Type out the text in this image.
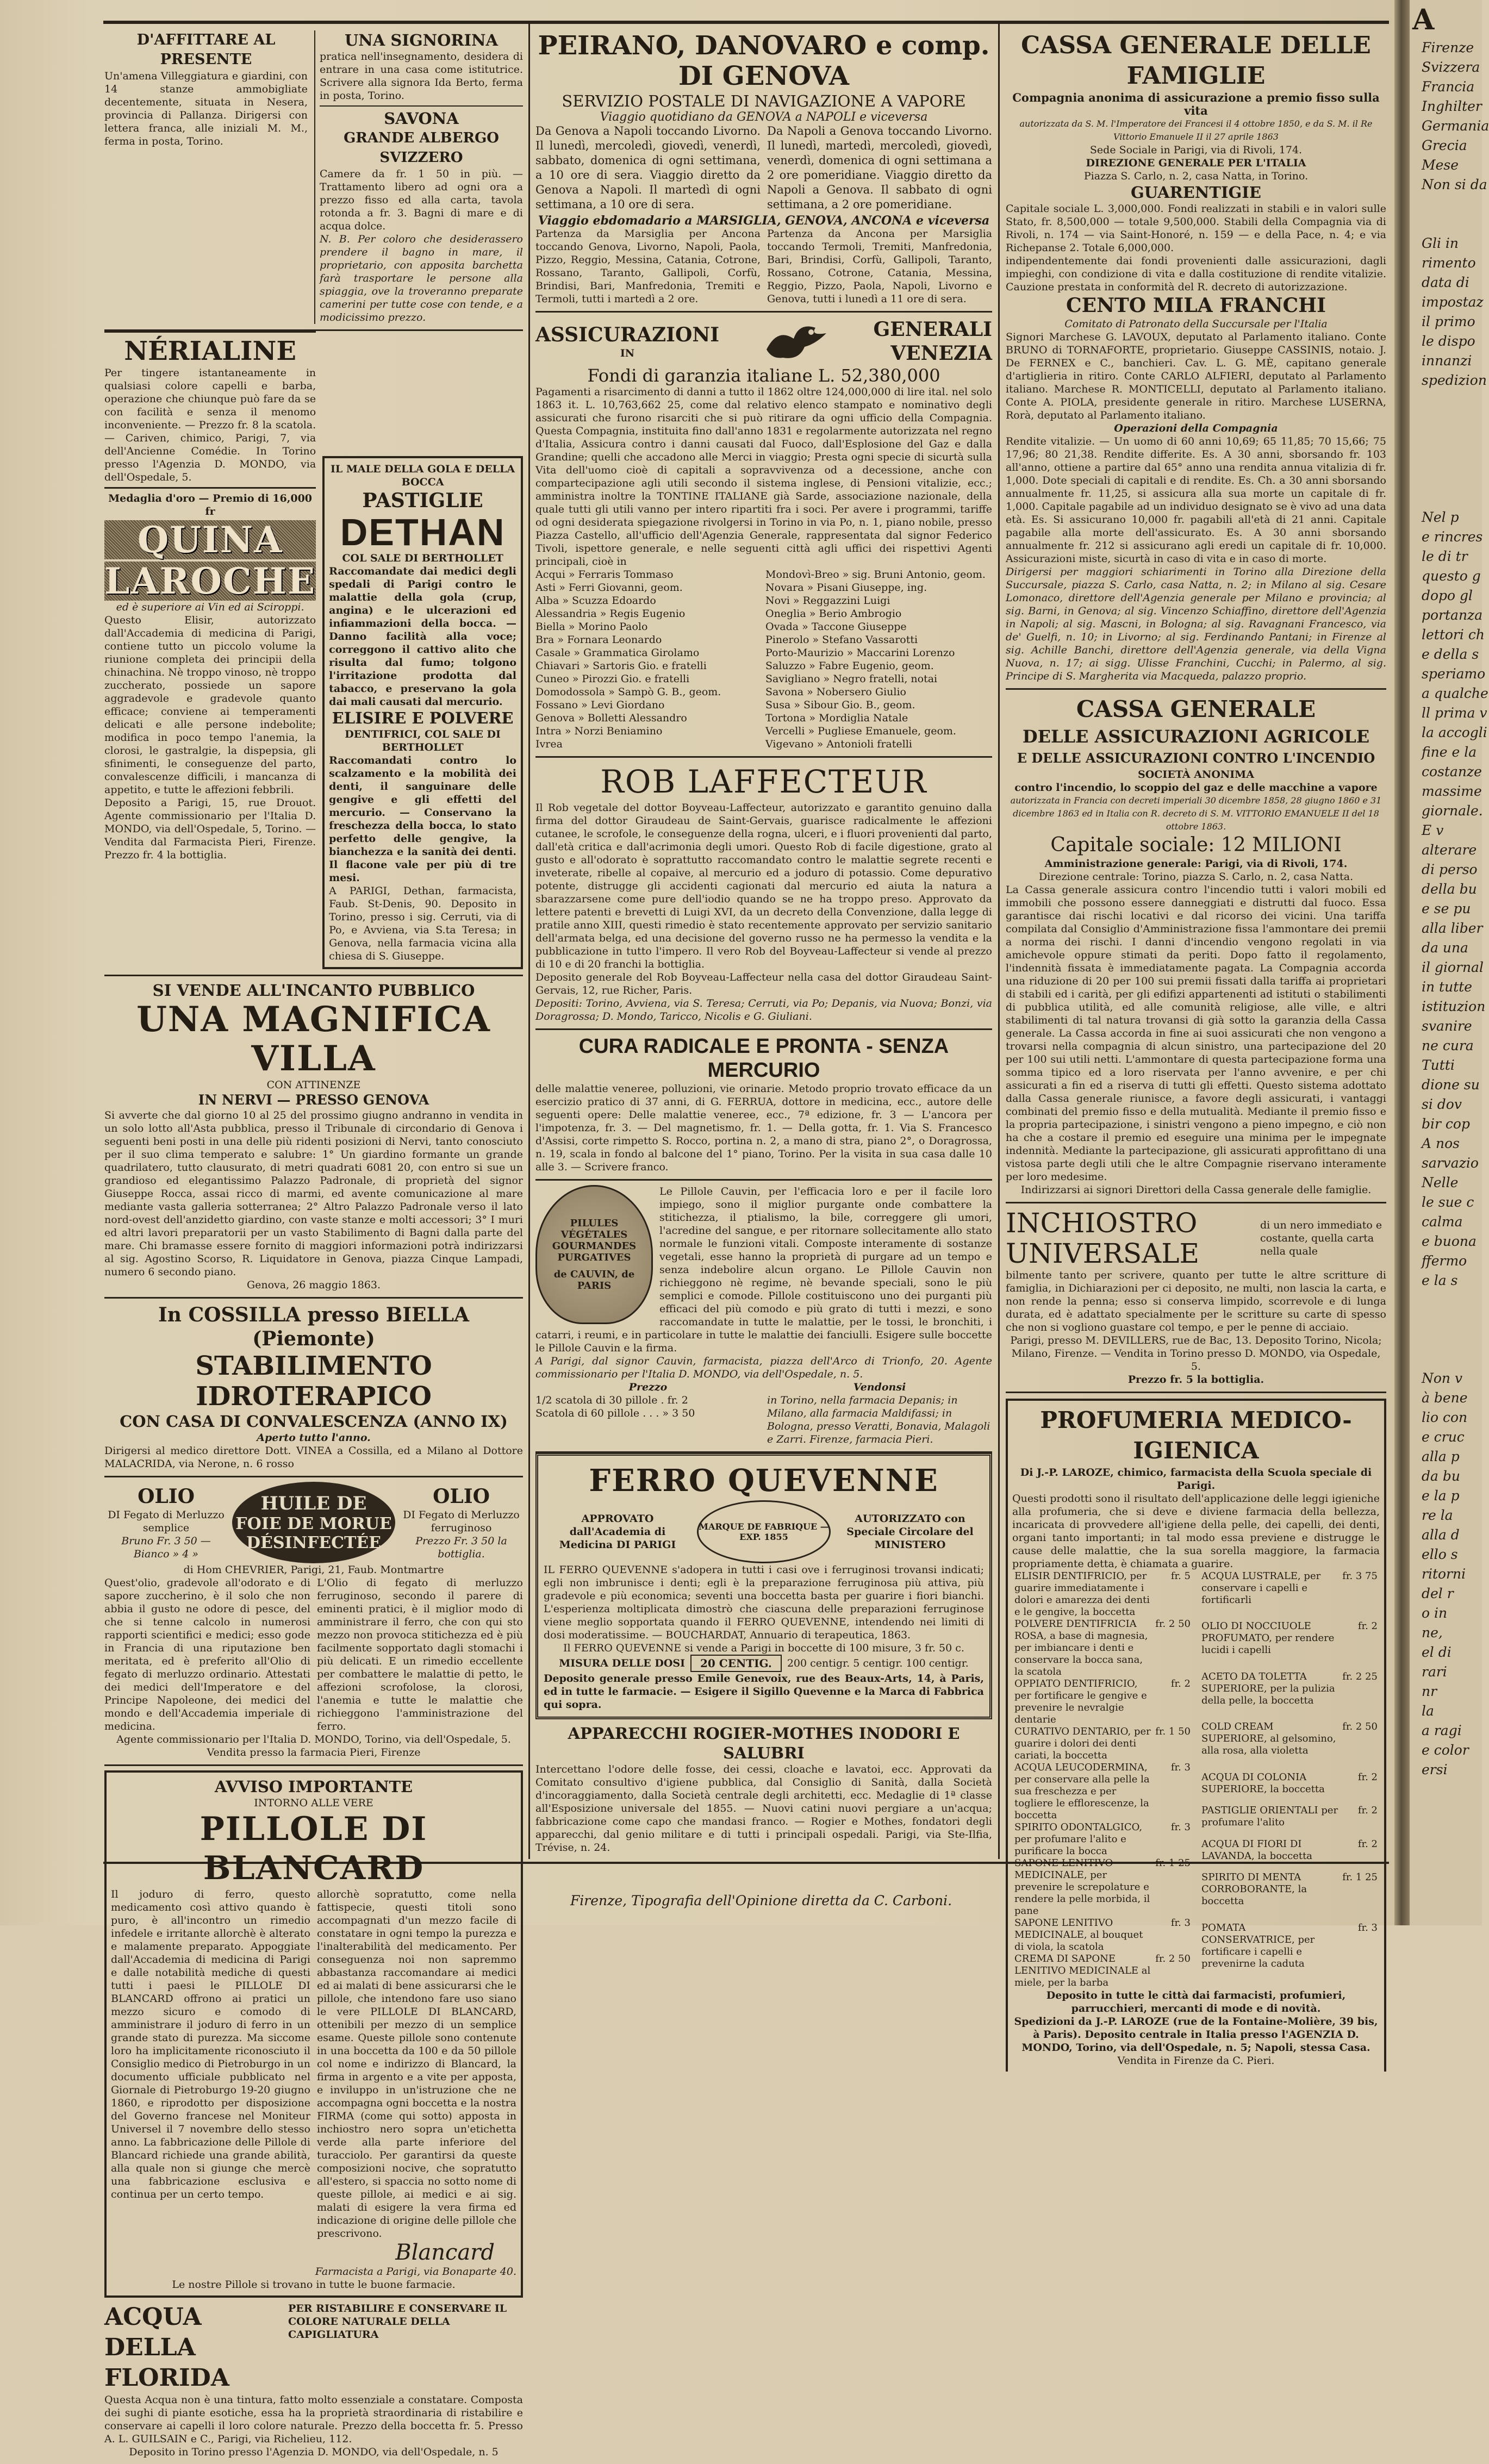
D'AFFITTARE AL PRESENTE
Un'amena Villeggiatura e giardini, con 14 stanze ammobigliate decentemente, situata in Nesera, provincia di Pallanza. Dirigersi con lettera franca, alle iniziali M. M., ferma in posta, Torino.
UNA SIGNORINA
pratica nell'insegnamento, desidera di entrare in una casa come istitutrice. Scrivere alla signora Ida Berto, ferma in posta, Torino.
SAVONA
GRANDE ALBERGO SVIZZERO
Camere da fr. 1 50 in più. — Trattamento libero ad ogni ora a prezzo fisso ed alla carta, tavola rotonda a fr. 3. Bagni di mare e di acqua dolce.
N. B. Per coloro che desiderassero prendere il bagno in mare, il proprietario, con apposita barchetta farà trasportare le persone alla spiaggia, ove la troveranno preparate camerini per tutte cose con tende, e a modicissimo prezzo.
NÉRIALINE
Per tingere istantaneamente in qualsiasi colore capelli e barba, operazione che chiunque può fare da se con facilità e senza il menomo inconveniente. — Prezzo fr. 8 la scatola. — Cariven, chimico, Parigi, 7, via dell'Ancienne Comédie. In Torino presso l'Agenzia D. MONDO, via dell'Ospedale, 5.
Medaglia d'oro — Premio di 16,000 fr
QUINA
LAROCHE
ed è superiore ai Vin ed ai Sciroppi.
Questo Elisir, autorizzato dall'Accademia di medicina di Parigi, contiene tutto un piccolo volume la riunione completa dei principii della chinachina. Nè troppo vinoso, nè troppo zuccherato, possiede un sapore aggradevole e gradevole quanto efficace; conviene ai temperamenti delicati e alle persone indebolite; modifica in poco tempo l'anemia, la clorosi, le gastralgie, la dispepsia, gli sfinimenti, le conseguenze del parto, convalescenze difficili, i mancanza di appetito, e tutte le affezioni febbrili.
Deposito a Parigi, 15, rue Drouot. Agente commissionario per l'Italia D. MONDO, via dell'Ospedale, 5, Torino. — Vendita dal Farmacista Pieri, Firenze. Prezzo fr. 4 la bottiglia.
IL MALE DELLA GOLA E DELLA BOCCA
PASTIGLIE
DETHAN
COL SALE DI BERTHOLLET
Raccomandate dai medici degli spedali di Parigi contro le malattie della gola (crup, angina) e le ulcerazioni ed infiammazioni della bocca. — Danno facilità alla voce; correggono il cattivo alito che risulta dal fumo; tolgono l'irritazione prodotta dal tabacco, e preservano la gola dai mali causati dal mercurio.
ELISIRE E POLVERE
DENTIFRICI, COL SALE DI BERTHOLLET
Raccomandati contro lo scalzamento e la mobilità dei denti, il sanguinare delle gengive e gli effetti del mercurio. — Conservano la freschezza della bocca, lo stato perfetto delle gengive, la bianchezza e la sanità dei denti. Il flacone vale per più di tre mesi.
A PARIGI, Dethan, farmacista, Faub. St-Denis, 90. Deposito in Torino, presso i sig. Cerruti, via di Po, e Avviena, via S.ta Teresa; in Genova, nella farmacia vicina alla chiesa di S. Giuseppe.
SI VENDE ALL'INCANTO PUBBLICO
UNA MAGNIFICA VILLA
CON ATTINENZE
IN NERVI — PRESSO GENOVA
Si avverte che dal giorno 10 al 25 del prossimo giugno andranno in vendita in un solo lotto all'Asta pubblica, presso il Tribunale di circondario di Genova i seguenti beni posti in una delle più ridenti posizioni di Nervi, tanto conosciuto per il suo clima temperato e salubre: 1° Un giardino formante un grande quadrilatero, tutto clausurato, di metri quadrati 6081 20, con entro si sue un grandioso ed elegantissimo Palazzo Padronale, di proprietà del signor Giuseppe Rocca, assai ricco di marmi, ed avente comunicazione al mare mediante vasta galleria sotterranea; 2° Altro Palazzo Padronale verso il lato nord-ovest dell'anzidetto giardino, con vaste stanze e molti accessori; 3° I muri ed altri lavori preparatorii per un vasto Stabilimento di Bagni dalla parte del mare. Chi bramasse essere fornito di maggiori informazioni potrà indirizzarsi al sig. Agostino Scorso, R. Liquidatore in Genova, piazza Cinque Lampadi, numero 6 secondo piano.
Genova, 26 maggio 1863.
In COSSILLA presso BIELLA (Piemonte)
STABILIMENTO IDROTERAPICO
CON CASA DI CONVALESCENZA (ANNO IX)
Aperto tutto l'anno.
Dirigersi al medico direttore Dott. VINEA a Cossilla, ed a Milano al Dottore MALACRIDA, via Nerone, n. 6 rosso
OLIO
DI Fegato di Merluzzo semplice
Bruno Fr. 3 50 — Bianco » 4 »
HUILE DE
FOIE DE MORUE
DÉSINFECTÉE
OLIO
DI Fegato di Merluzzo ferruginoso
Prezzo Fr. 3 50 la bottiglia.
di Hom CHEVRIER, Parigi, 21, Faub. Montmartre
Quest'olio, gradevole all'odorato e di sapore zuccherino, è il solo che non abbia il gusto ne odore di pesce, del che si tenne calcolo in numerosi rapporti scientifici e medici; esso gode in Francia di una riputazione ben meritata, ed è preferito all'Olio di fegato di merluzzo ordinario. Attestati dei medici dell'Imperatore e del Principe Napoleone, dei medici del mondo e dell'Accademia imperiale di medicina.
L'Olio di fegato di merluzzo ferruginoso, secondo il parere di eminenti pratici, è il miglior modo di amministrare il ferro, che con qui sto mezzo non provoca stitichezza ed è più facilmente sopportato dagli stomachi i più delicati. E un rimedio eccellente per combattere le malattie di petto, le affezioni scrofolose, la clorosi, l'anemia e tutte le malattie che richieggono l'amministrazione del ferro.
Agente commissionario per l'Italia D. MONDO, Torino, via dell'Ospedale, 5. Vendita presso la farmacia Pieri, Firenze
AVVISO IMPORTANTE
INTORNO ALLE VERE
PILLOLE DI BLANCARD
Il joduro di ferro, questo medicamento così attivo quando è puro, è all'incontro un rimedio infedele e irritante allorchè è alterato e malamente preparato. Appoggiate dall'Accademia di medicina di Parigi e dalle notabilità mediche di questi tutti i paesi le PILLOLE DI BLANCARD offrono ai pratici un mezzo sicuro e comodo di amministrare il joduro di ferro in un grande stato di purezza. Ma siccome loro ha implicitamente riconosciuto il Consiglio medico di Pietroburgo in un documento ufficiale pubblicato nel Giornale di Pietroburgo 19-20 giugno 1860, e riprodotto per disposizione del Governo francese nel Moniteur Universel il 7 novembre dello stesso anno. La fabbricazione delle Pillole di Blancard richiede una grande abilità, alla quale non si giunge che mercè una fabbricazione esclusiva e continua per un certo tempo.
allorchè sopratutto, come nella fattispecie, questi titoli sono accompagnati d'un mezzo facile di constatare in ogni tempo la purezza e l'inalterabilità del medicamento. Per conseguenza noi non sapremmo abbastanza raccomandare ai medici ed ai malati di bene assicurarsi che le pillole, che intendono fare uso siano le vere PILLOLE DI BLANCARD, ottenibili per mezzo di un semplice esame. Queste pillole sono contenute in una boccetta da 100 e da 50 pillole col nome e indirizzo di Blancard, la firma in argento e a vite per apposta, e inviluppo in un'istruzione che ne accompagna ogni boccetta e la nostra FIRMA (come qui sotto) apposta in inchiostro nero sopra un'etichetta verde alla parte inferiore del turacciolo. Per garantirsi da queste composizioni nocive, che sopratutto all'estero, si spaccia no sotto nome di queste pillole, ai medici e ai sig. malati di esigere la vera firma ed indicazione di origine delle pillole che prescrivono.
Blancard
Farmacista a Parigi, via Bonaparte 40.
Le nostre Pillole si trovano in tutte le buone farmacie.
ACQUA DELLA FLORIDA
PER RISTABILIRE E CONSERVARE IL COLORE NATURALE DELLA CAPIGLIATURA
Questa Acqua non è una tintura, fatto molto essenziale a constatare. Composta dei sughi di piante esotiche, essa ha la proprietà straordinaria di ristabilire e conservare ai capelli il loro colore naturale. Prezzo della boccetta fr. 5. Presso A. L. GUILSAIN e C., Parigi, via Richelieu, 112.
Deposito in Torino presso l'Agenzia D. MONDO, via dell'Ospedale, n. 5
PEIRANO, DANOVARO e comp. DI GENOVA
SERVIZIO POSTALE DI NAVIGAZIONE A VAPORE
Viaggio quotidiano da GENOVA a NAPOLI e viceversa
Da Genova a Napoli toccando Livorno. Il lunedì, mercoledì, giovedì, venerdì, sabbato, domenica di ogni settimana, a 10 ore di sera. Viaggio diretto da Genova a Napoli. Il martedì di ogni settimana, a 10 ore di sera.
Da Napoli a Genova toccando Livorno. Il lunedì, martedì, mercoledì, giovedì, venerdì, domenica di ogni settimana a 2 ore pomeridiane. Viaggio diretto da Napoli a Genova. Il sabbato di ogni settimana, a 2 ore pomeridiane.
Viaggio ebdomadario a MARSIGLIA, GENOVA, ANCONA e viceversa
Partenza da Marsiglia per Ancona toccando Genova, Livorno, Napoli, Paola, Pizzo, Reggio, Messina, Catania, Cotrone, Rossano, Taranto, Gallipoli, Corfù, Brindisi, Bari, Manfredonia, Tremiti e Termoli, tutti i martedì a 2 ore.
Partenza da Ancona per Marsiglia toccando Termoli, Tremiti, Manfredonia, Bari, Brindisi, Corfù, Gallipoli, Taranto, Rossano, Cotrone, Catania, Messina, Reggio, Pizzo, Paola, Napoli, Livorno e Genova, tutti i lunedì a 11 ore di sera.
ASSICURAZIONI
IN
GENERALI
VENEZIA
Fondi di garanzia italiane L. 52,380,000
Pagamenti a risarcimento di danni a tutto il 1862 oltre 124,000,000 di lire ital. nel solo 1863 it. L. 10,763,662 25, come dal relativo elenco stampato e nominativo degli assicurati che furono risarciti che si può ritirare da ogni ufficio della Compagnia. Questa Compagnia, instituita fino dall'anno 1831 e regolarmente autorizzata nel regno d'Italia, Assicura contro i danni causati dal Fuoco, dall'Esplosione del Gaz e dalla Grandine; quelli che accadono alle Merci in viaggio; Presta ogni specie di sicurtà sulla Vita dell'uomo cioè di capitali a sopravvivenza od a decessione, anche con compartecipazione agli utili secondo il sistema inglese, di Pensioni vitalizie, ecc.; amministra inoltre la TONTINE ITALIANE già Sarde, associazione nazionale, della quale tutti gli utili vanno per intero ripartiti fra i soci. Per avere i programmi, tariffe od ogni desiderata spiegazione rivolgersi in Torino in via Po, n. 1, piano nobile, presso Piazza Castello, all'ufficio dell'Agenzia Generale, rappresentata dal signor Federico Tivoli, ispettore generale, e nelle seguenti città agli uffici dei rispettivi Agenti principali, cioè in
Acqui » Ferraris Tommaso
Asti » Ferri Giovanni, geom.
Alba » Scuzza Edoardo
Alessandria » Regis Eugenio
Biella » Morino Paolo
Bra » Fornara Leonardo
Casale » Grammatica Girolamo
Chiavari » Sartoris Gio. e fratelli
Cuneo » Pirozzi Gio. e fratelli
Domodossola » Sampò G. B., geom.
Fossano » Levi Giordano
Genova » Bolletti Alessandro
Intra » Norzi Beniamino
Ivrea
Mondovì-Breo » sig. Bruni Antonio, geom.
Novara » Pisani Giuseppe, ing.
Novi » Reggazzini Luigi
Oneglia » Berio Ambrogio
Ovada » Taccone Giuseppe
Pinerolo » Stefano Vassarotti
Porto-Maurizio » Maccarini Lorenzo
Saluzzo » Fabre Eugenio, geom.
Savigliano » Negro fratelli, notai
Savona » Nobersero Giulio
Susa » Sibour Gio. B., geom.
Tortona » Mordiglia Natale
Vercelli » Pugliese Emanuele, geom.
Vigevano » Antonioli fratelli
ROB LAFFECTEUR
Il Rob vegetale del dottor Boyveau-Laffecteur, autorizzato e garantito genuino dalla firma del dottor Giraudeau de Saint-Gervais, guarisce radicalmente le affezioni cutanee, le scrofole, le conseguenze della rogna, ulceri, e i fluori provenienti dal parto, dall'età critica e dall'acrimonia degli umori. Questo Rob di facile digestione, grato al gusto e all'odorato è soprattutto raccomandato contro le malattie segrete recenti e inveterate, ribelle al copaive, al mercurio ed a joduro di potassio. Come depurativo potente, distrugge gli accidenti cagionati dal mercurio ed aiuta la natura a sbarazzarsene come pure dell'iodio quando se ne ha troppo preso. Approvato da lettere patenti e brevetti di Luigi XVI, da un decreto della Convenzione, dalla legge di pratile anno XIII, questi rimedio è stato recentemente approvato per servizio sanitario dell'armata belga, ed una decisione del governo russo ne ha permesso la vendita e la pubblicazione in tutto l'impero. Il vero Rob del Boyveau-Laffecteur si vende al prezzo di 10 e di 20 franchi la bottiglia.
Deposito generale del Rob Boyveau-Laffecteur nella casa del dottor Giraudeau Saint-Gervais, 12, rue Richer, Paris.
Depositi: Torino, Avviena, via S. Teresa; Cerruti, via Po; Depanis, via Nuova; Bonzi, via Doragrossa; D. Mondo, Taricco, Nicolis e G. Giuliani.
CURA RADICALE E PRONTA - SENZA MERCURIO
delle malattie veneree, polluzioni, vie orinarie. Metodo proprio trovato efficace da un esercizio pratico di 37 anni, di G. FERRUA, dottore in medicina, ecc., autore delle seguenti opere: Delle malattie veneree, ecc., 7ª edizione, fr. 3 — L'ancora per l'impotenza, fr. 3. — Del magnetismo, fr. 1. — Della gotta, fr. 1. Via S. Francesco d'Assisi, corte rimpetto S. Rocco, portina n. 2, a mano di stra, piano 2°, o Doragrossa, n. 19, scala in fondo al balcone del 1° piano, Torino. Per la visita in sua casa dalle 10 alle 3. — Scrivere franco.
PILULES VÉGÉTALES GOURMANDES PURGATIVES
de CAUVIN, de PARIS
Le Pillole Cauvin, per l'efficacia loro e per il facile loro impiego, sono il miglior purgante onde combattere la stitichezza, il ptialismo, la bile, correggere gli umori, l'acredine del sangue, e per ritornare sollecitamente allo stato normale le funzioni vitali. Composte interamente di sostanze vegetali, esse hanno la proprietà di purgare ad un tempo e senza indebolire alcun organo. Le Pillole Cauvin non richieggono nè regime, nè bevande speciali, sono le più semplici e comode. Pillole costituiscono uno dei purganti più efficaci del più comodo e più grato di tutti i mezzi, e sono raccomandate in tutte le malattie, per le tossi, le bronchiti, i catarri, i reumi, e in particolare in tutte le malattie dei fanciulli. Esigere sulle boccette le Pillole Cauvin e la firma.
A Parigi, dal signor Cauvin, farmacista, piazza dell'Arco di Trionfo, 20. Agente commissionario per l'Italia D. MONDO, via dell'Ospedale, n. 5.
Prezzo
1/2 scatola di 30 pillole . fr. 2
Scatola di 60 pillole . . . » 3 50
Vendonsi
in Torino, nella farmacia Depanis; in Milano, alla farmacia Maldifassi; in Bologna, presso Veratti, Bonavia, Malagoli e Zarri. Firenze, farmacia Pieri.
FERRO QUEVENNE
APPROVATO dall'Academia di Medicina DI PARIGI
MARQUE DE FABRIQUE — EXP. 1855
AUTORIZZATO con Speciale Circolare del MINISTERO
IL FERRO QUEVENNE s'adopera in tutti i casi ove i ferruginosi trovansi indicati; egli non imbrunisce i denti; egli è la preparazione ferruginosa più attiva, più gradevole e più economica; seventi una boccetta basta per guarire i fiori bianchi. L'esperienza moltiplicata dimostrò che ciascuna delle preparazioni ferruginose viene meglio sopportata quando il FERRO QUEVENNE, intendendo nei limiti di dosi moderatissime. — BOUCHARDAT, Annuario di terapeutica, 1863.
Il FERRO QUEVENNE si vende a Parigi in boccette di 100 misure, 3 fr. 50 c.
MISURA DELLE DOSI	20 CENTIG.	200 centigr. 5 centigr. 100 centigr.
Deposito generale presso Emile Genevoix, rue des Beaux-Arts, 14, à Paris, ed in tutte le farmacie. — Esigere il Sigillo Quevenne e la Marca di Fabbrica qui sopra.
APPARECCHI ROGIER-MOTHES INODORI E SALUBRI
Intercettano l'odore delle fosse, dei cessi, cloache e lavatoi, ecc. Approvati da Comitato consultivo d'igiene pubblica, dal Consiglio di Sanità, dalla Società d'incoraggiamento, dalla Società centrale degli architetti, ecc. Medaglie di 1ª classe all'Esposizione universale del 1855. — Nuovi catini nuovi pergiare a un'acqua; fabbricazione come capo che mandasi franco. — Rogier e Mothes, fondatori degli apparecchi, dal genio militare e di tutti i principali ospedali. Parigi, via Ste-Ilfia, Trévise, n. 24.
Firenze, Tipografia dell'Opinione diretta da C. Carboni.
CASSA GENERALE DELLE FAMIGLIE
Compagnia anonima di assicurazione a premio fisso sulla vita
autorizzata da S. M. l'Imperatore dei Francesi il 4 ottobre 1850, e da S. M. il Re Vittorio Emanuele II il 27 aprile 1863
Sede Sociale in Parigi, via di Rivoli, 174.
DIREZIONE GENERALE PER L'ITALIA
Piazza S. Carlo, n. 2, casa Natta, in Torino.
GUARENTIGIE
Capitale sociale L. 3,000,000. Fondi realizzati in stabili e in valori sulle Stato, fr. 8,500,000 — totale 9,500,000. Stabili della Compagnia via di Rivoli, n. 174 — via Saint-Honoré, n. 159 — e della Pace, n. 4; e via Richepanse 2. Totale 6,000,000.
indipendentemente dai fondi provenienti dalle assicurazioni, dagli impieghi, con condizione di vita e dalla costituzione di rendite vitalizie. Cauzione prestata in conformità del R. decreto di autorizzazione.
CENTO MILA FRANCHI
Comitato di Patronato della Succursale per l'Italia
Signori Marchese G. LAVOUX, deputato al Parlamento italiano. Conte BRUNO di TORNAFORTE, proprietario. Giuseppe CASSINIS, notaio. J. De FERNEX e C., banchieri. Cav. L. G. MÈ, capitano generale d'artiglieria in ritiro. Conte CARLO ALFIERI, deputato al Parlamento italiano. Marchese R. MONTICELLI, deputato al Parlamento italiano. Conte A. PIOLA, presidente generale in ritiro. Marchese LUSERNA, Rorà, deputato al Parlamento italiano.
Operazioni della Compagnia
Rendite vitalizie. — Un uomo di 60 anni 10,69; 65 11,85; 70 15,66; 75 17,96; 80 21,38. Rendite differite. Es. A 30 anni, sborsando fr. 103 all'anno, ottiene a partire dal 65° anno una rendita annua vitalizia di fr. 1,000. Dote speciali di capitali e di rendite. Es. Ch. a 30 anni sborsando annualmente fr. 11,25, si assicura alla sua morte un capitale di fr. 1,000. Capitale pagabile ad un individuo designato se è vivo ad una data età. Es. Si assicurano 10,000 fr. pagabili all'età di 21 anni. Capitale pagabile alla morte dell'assicurato. Es. A 30 anni sborsando annualmente fr. 212 si assicurano agli eredi un capitale di fr. 10,000. Assicurazioni miste, sicurtà in caso di vita e in caso di morte.
Dirigersi per maggiori schiarimenti in Torino alla Direzione della Succursale, piazza S. Carlo, casa Natta, n. 2; in Milano al sig. Cesare Lomonaco, direttore dell'Agenzia generale per Milano e provincia; al sig. Barni, in Genova; al sig. Vincenzo Schiaffino, direttore dell'Agenzia in Napoli; al sig. Mascni, in Bologna; al sig. Ravagnani Francesco, via de' Guelfi, n. 10; in Livorno; al sig. Ferdinando Pantani; in Firenze al sig. Achille Banchi, direttore dell'Agenzia generale, via della Vigna Nuova, n. 17; ai sigg. Ulisse Franchini, Cucchi; in Palermo, al sig. Principe di S. Margherita via Macqueda, palazzo proprio.
CASSA GENERALE
DELLE ASSICURAZIONI AGRICOLE
E DELLE ASSICURAZIONI CONTRO L'INCENDIO
SOCIETÀ ANONIMA
contro l'incendio, lo scoppio del gaz e delle macchine a vapore
autorizzata in Francia con decreti imperiali 30 dicembre 1858, 28 giugno 1860 e 31 dicembre 1863 ed in Italia con R. decreto di S. M. VITTORIO EMANUELE II del 18 ottobre 1863.
Capitale sociale: 12 MILIONI
Amministrazione generale: Parigi, via di Rivoli, 174.
Direzione centrale: Torino, piazza S. Carlo, n. 2, casa Natta.
La Cassa generale assicura contro l'incendio tutti i valori mobili ed immobili che possono essere danneggiati e distrutti dal fuoco. Essa garantisce dai rischi locativi e dal ricorso dei vicini. Una tariffa compilata dal Consiglio d'Amministrazione fissa l'ammontare dei premii a norma dei rischi. I danni d'incendio vengono regolati in via amichevole oppure stimati da periti. Dopo fatto il regolamento, l'indennità fissata è immediatamente pagata. La Compagnia accorda una riduzione di 20 per 100 sui premii fissati dalla tariffa ai proprietari di stabili ed i carità, per gli edifizi appartenenti ad istituti o stabilimenti di pubblica utilità, ed alle comunità religiose, alle ville, e altri stabilimenti di tal natura trovansi di già sotto la garanzia della Cassa generale. La Cassa accorda in fine ai suoi assicurati che non vengono a trovarsi nella compagnia di alcun sinistro, una partecipazione del 20 per 100 sui utili netti. L'ammontare di questa partecipazione forma una somma tipico ed a loro riservata per l'anno avvenire, e per chi assicurati a fin ed a riserva di tutti gli effetti. Questo sistema adottato dalla Cassa generale riunisce, a favore degli assicurati, i vantaggi combinati del premio fisso e della mutualità. Mediante il premio fisso e la propria partecipazione, i sinistri vengono a pieno impegno, e ciò non ha che a costare il premio ed eseguire una minima per le impegnate indennità. Mediante la partecipazione, gli assicurati approfittano di una vistosa parte degli utili che le altre Compagnie riservano interamente per loro medesime.
Indirizzarsi ai signori Direttori della Cassa generale delle famiglie.
INCHIOSTRO UNIVERSALE
di un nero immediato e costante, quella carta nella quale
bilmente tanto per scrivere, quanto per tutte le altre scritture di famiglia, in Dichiarazioni per ci deposito, ne multi, non lascia la carta, e non rende la penna; esso si conserva limpido, scorrevole e di lunga durata, ed è adattato specialmente per le scritture su carte di spesso che non si vogliono guastare col tempo, e per le penne di acciaio.
Parigi, presso M. DEVILLERS, rue de Bac, 13. Deposito Torino, Nicola; Milano, Firenze. — Vendita in Torino presso D. MONDO, via Ospedale, 5.
Prezzo fr. 5 la bottiglia.
PROFUMERIA MEDICO-IGIENICA
Di J.-P. LAROZE, chimico, farmacista della Scuola speciale di Parigi.
Questi prodotti sono il risultato dell'applicazione delle leggi igieniche alla profumeria, che si deve e diviene farmacia della bellezza, incaricata di provvedere all'igiene della pelle, dei capelli, dei denti, organi tanto importanti; in tal modo essa previene e distrugge le cause delle malattie, che la sua sorella maggiore, la farmacia propriamente detta, è chiamata a guarire.
ELISIR DENTIFRICIO, per guarire immediatamente i dolori e amarezza dei denti e le gengive, la boccetta	fr. 5
POLVERE DENTIFRICIA ROSA, a base di magnesia, per imbiancare i denti e conservare la bocca sana, la scatola	fr. 2 50
OPPIATO DENTIFRICIO, per fortificare le gengive e prevenire le nevralgie dentarie	fr. 2
CURATIVO DENTARIO, per guarire i dolori dei denti cariati, la boccetta	fr. 1 50
ACQUA LEUCODERMINA, per conservare alla pelle la sua freschezza e per togliere le efflorescenze, la boccetta	fr. 3
SPIRITO ODONTALGICO, per profumare l'alito e purificare la bocca	fr. 3
SAPONE LENITIVO MEDICINALE, per prevenire le screpolature e rendere la pelle morbida, il pane	fr. 1 25
SAPONE LENITIVO MEDICINALE, al bouquet di viola, la scatola	fr. 3
CREMA DI SAPONE LENITIVO MEDICINALE al miele, per la barba	fr. 2 50
ACQUA LUSTRALE, per conservare i capelli e fortificarli	fr. 3 75
OLIO DI NOCCIUOLE PROFUMATO, per rendere lucidi i capelli	fr. 2
ACETO DA TOLETTA SUPERIORE, per la pulizia della pelle, la boccetta	fr. 2 25
COLD CREAM SUPERIORE, al gelsomino, alla rosa, alla violetta	fr. 2 50
ACQUA DI COLONIA SUPERIORE, la boccetta	fr. 2
PASTIGLIE ORIENTALI per profumare l'alito	fr. 2
ACQUA DI FIORI DI LAVANDA, la boccetta	fr. 2
SPIRITO DI MENTA CORROBORANTE, la boccetta	fr. 1 25
POMATA CONSERVATRICE, per fortificare i capelli e prevenirne la caduta	fr. 3
Deposito in tutte le città dai farmacisti, profumieri, parrucchieri, mercanti di mode e di novità.
Spedizioni da J.-P. LAROZE (rue de la Fontaine-Molière, 39 bis, à Paris). Deposito centrale in Italia presso l'AGENZIA D. MONDO, Torino, via dell'Ospedale, n. 5; Napoli, stessa Casa.
Vendita in Firenze da C. Pieri.
Firenze
Svizzera
Francia
Inghilter
Germania
Grecia
Mese
Non si da

Gli in
rimento
data di
impostaz
il primo
le dispo
innanzi
spedizion

Nel p
e rincres
le di tr
questo g
dopo gl
portanza
lettori ch
e della s
speriamo
a qualche
ll prima v
la accogli
fine e la
costanze
massime
giornale.
E v
alterare
di perso
della bu
e se pu
alla liber
da una
il giornal
in tutte
istituzion
svanire
ne cura
Tutti
dione su
si dov
bir cop
A nos
sarvazio
Nelle
le sue c
calma
e buona
ffermo
e la s

Non v
à bene
lio con
e cruc
alla p
da bu
e la p
re la
alla d
ello s
ritorni
del r
o in
ne,
el di
rari
nr
la
a ragi
e color
ersi
A
